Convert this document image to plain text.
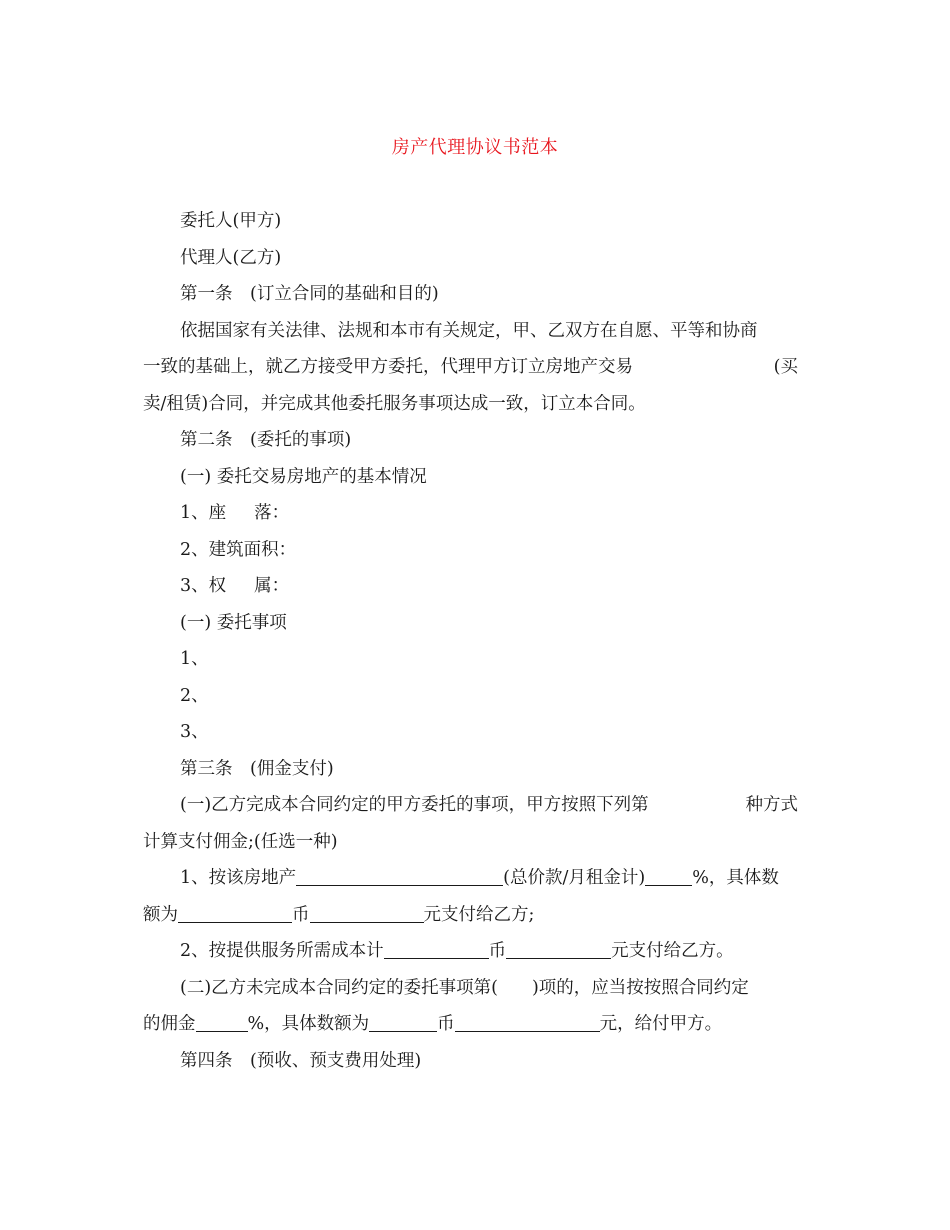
房产代理协议书范本

委托人(甲方)

代理人(乙方)

第一条　(订立合同的基础和目的)

依据国家有关法律、法规和本市有关规定，甲、乙双方在自愿、平等和协商

一致的基础上，就乙方接受甲方委托，代理甲方订立房地产交易	(买

卖/租赁)合同，并完成其他委托服务事项达成一致，订立本合同。

第二条　(委托的事项)

(一) 委托交易房地产的基本情况

1、座 落：

2、建筑面积：

3、权 属：

(一) 委托事项

1、

2、

3、

第三条　(佣金支付)

(一)乙方完成本合同约定的甲方委托的事项，甲方按照下列第	种方式

计算支付佣金;(任选一种)

1、按该房地产	(总价款/月租金计)	%，具体数

额为	币	元支付给乙方;

2、按提供服务所需成本计	币	元支付给乙方。

(二)乙方未完成本合同约定的委托事项第( )项的，应当按按照合同约定

的佣金	%，具体数额为	币	元，给付甲方。

第四条　(预收、预支费用处理)
